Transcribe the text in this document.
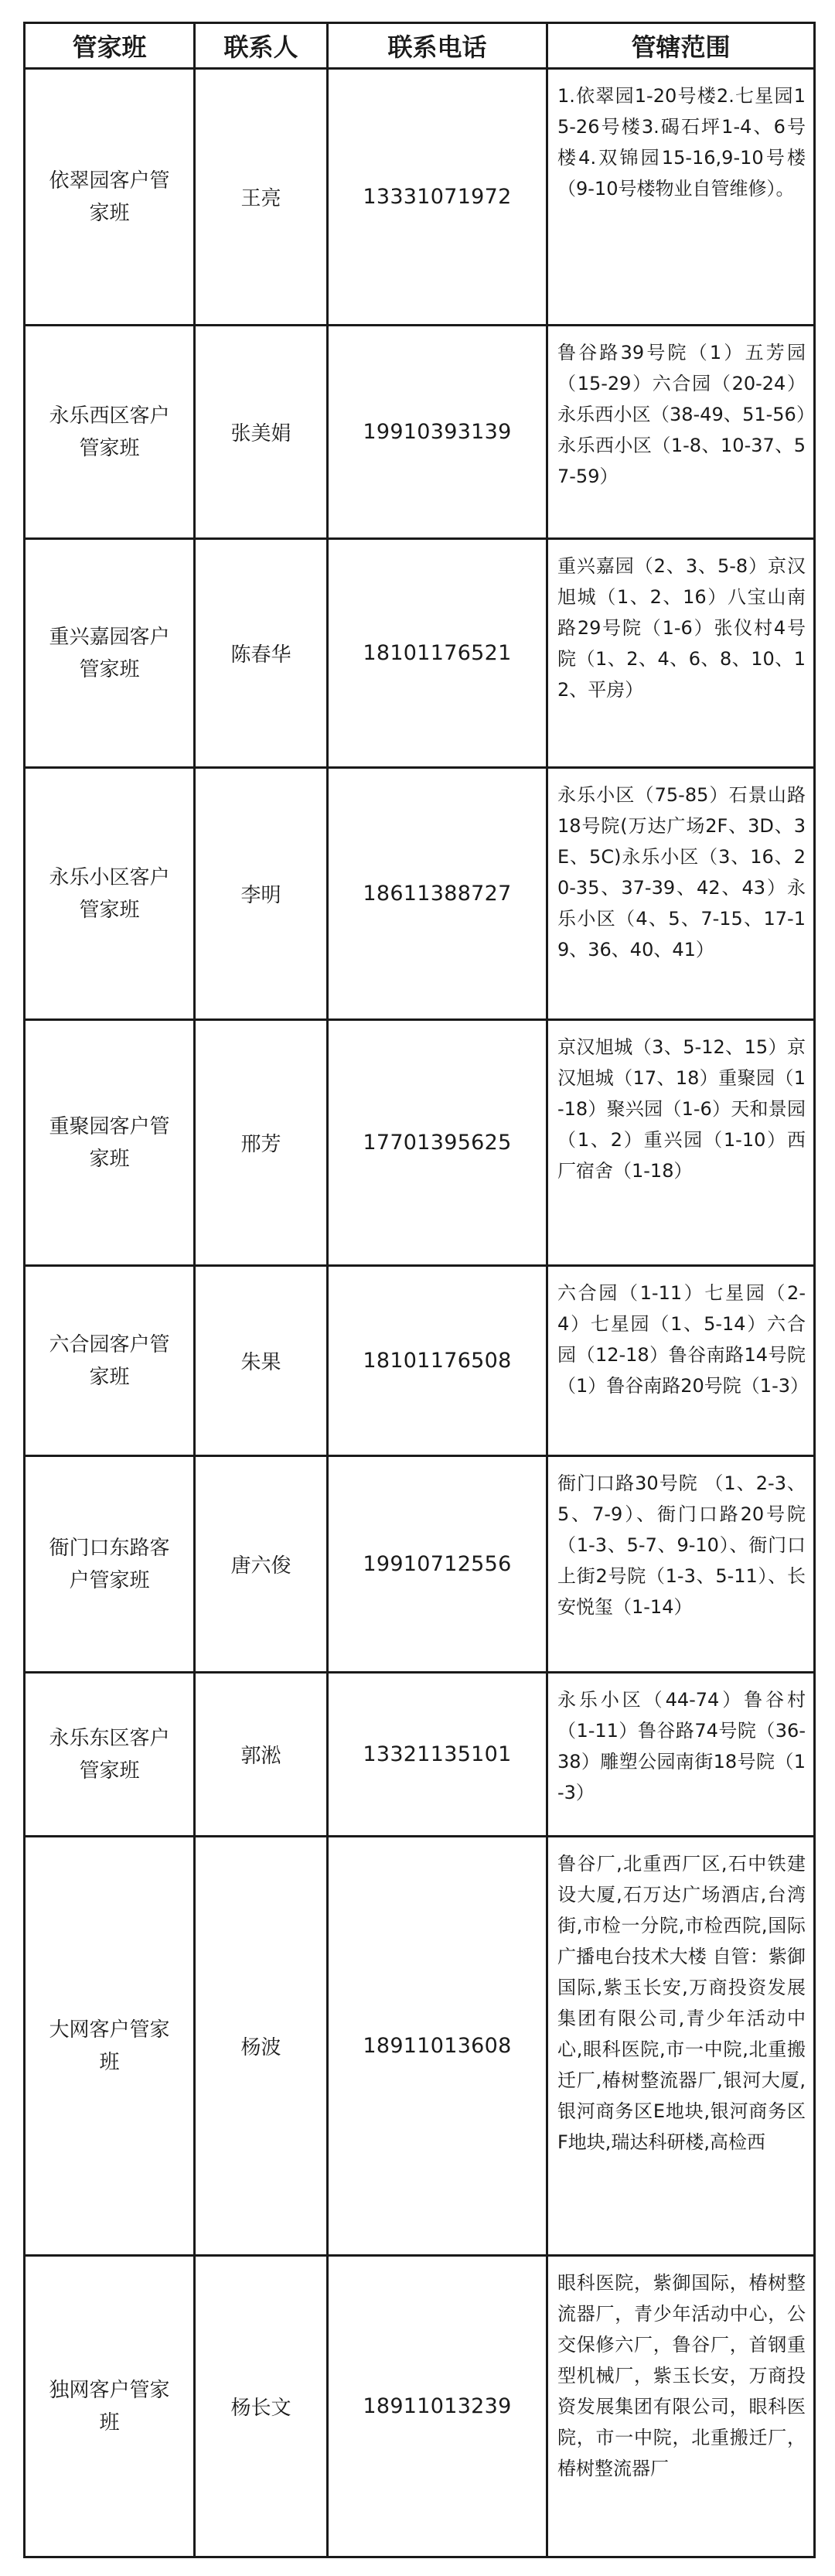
管家班	联系人	联系电话	管辖范围
依翠园客户管家班	王亮	13331071972	1.依翠园1-20号楼2.七星园15-26号楼3.碣石坪1-4、6号楼4.双锦园15-16,9-10号楼（9-10号楼物业自管维修）。
永乐西区客户管家班	张美娟	19910393139	鲁谷路39号院（1）五芳园（15-29）六合园（20-24）永乐西小区（38-49、51-56）永乐西小区（1-8、10-37、57-59）
重兴嘉园客户管家班	陈春华	18101176521	重兴嘉园（2、3、5-8）京汉旭城（1、2、16）八宝山南路29号院（1-6）张仪村4号院（1、2、4、6、8、10、12、平房）
永乐小区客户管家班	李明	18611388727	永乐小区（75-85）石景山路18号院(万达广场2F、3D、3E、5C)永乐小区（3、16、20-35、37-39、42、43）永乐小区（4、5、7-15、17-19、36、40、41）
重聚园客户管家班	邢芳	17701395625	京汉旭城（3、5-12、15）京汉旭城（17、18）重聚园（1-18）聚兴园（1-6）天和景园（1、2）重兴园（1-10）西厂宿舍（1-18）
六合园客户管家班	朱果	18101176508	六合园（1-11）七星园（2-4）七星园（1、5-14）六合园（12-18）鲁谷南路14号院（1）鲁谷南路20号院（1-3）
衙门口东路客户管家班	唐六俊	19910712556	衙门口路30号院 （1、2-3、5、7-9）、衙门口路20号院 （1-3、5-7、9-10）、衙门口上街2号院（1-3、5-11）、长安悦玺（1-14）
永乐东区客户管家班	郭淞	13321135101	永乐小区（44-74）鲁谷村（1-11）鲁谷路74号院（36-38）雕塑公园南街18号院（1-3）
大网客户管家班	杨波	18911013608	鲁谷厂,北重西厂区,石中铁建设大厦,石万达广场酒店,台湾街,市检一分院,市检西院,国际广播电台技术大楼 自管：紫御国际,紫玉长安,万商投资发展集团有限公司,青少年活动中心,眼科医院,市一中院,北重搬迁厂,椿树整流器厂,银河大厦,银河商务区E地块,银河商务区F地块,瑞达科研楼,高检西
独网客户管家班	杨长文	18911013239	眼科医院，紫御国际，椿树整流器厂，青少年活动中心，公交保修六厂，鲁谷厂，首钢重型机械厂，紫玉长安，万商投资发展集团有限公司，眼科医院，市一中院，北重搬迁厂，椿树整流器厂
